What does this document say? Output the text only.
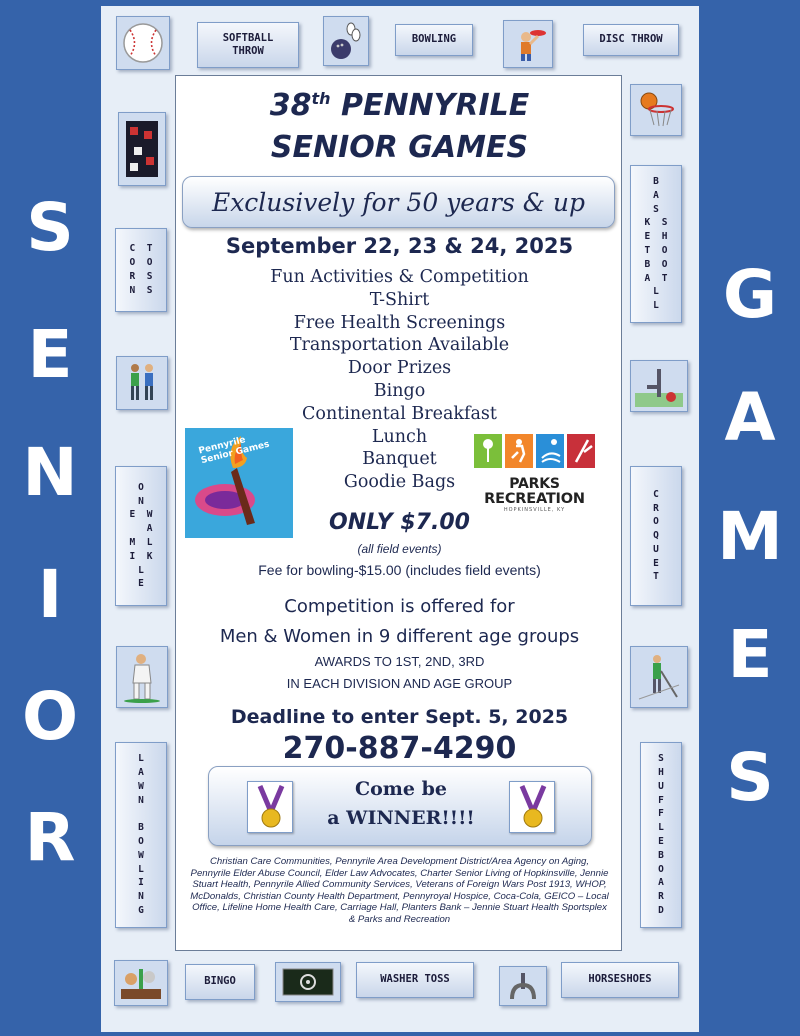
S
E
N
I
O
R
G
A
M
E
S
SOFTBALL
THROW
BOWLING	DISC THROW
C  T
O  O
R  S
N  S
O
N
E  W
A
M  L
I  K
L
E
L
A
W
N

B
O
W
L
I
N
G
B
A
S
K  S
E  H
T  O
B  O
A  T
L
L
C
R
O
Q
U
E
T
S
H
U
F
F
L
E
B
O
A
R
D
BINGO	WASHER TOSS	HORSESHOES
38th PENNYRILE
SENIOR GAMES
Exclusively for 50 years & up
September 22, 23 & 24, 2025
Fun Activities & Competition
T-Shirt
Free Health Screenings
Transportation Available
Door Prizes
Bingo
Continental Breakfast
Lunch
Banquet
Goodie Bags
Pennyrile
Senior Games
PARKS
RECREATION
HOPKINSVILLE, KY
ONLY $7.00
(all field events)
Fee for bowling-$15.00 (includes field events)
Competition is offered for
Men & Women in 9 different age groups
AWARDS TO 1ST, 2ND, 3RD
IN EACH DIVISION AND AGE GROUP
Deadline to enter Sept. 5, 2025
270-887-4290
Come be
a WINNER!!!!
Christian Care Communities, Pennyrile Area Development District/Area Agency on Aging, Pennyrile Elder Abuse Council, Elder Law Advocates, Charter Senior Living of Hopkinsville, Jennie Stuart Health, Pennyrile Allied Community Services, Veterans of Foreign Wars Post 1913, WHOP, McDonalds, Christian County Health Department, Pennyroyal Hospice, Coca-Cola, GEICO – Local Office, Lifeline Home Health Care, Carriage Hall, Planters Bank – Jennie Stuart Health Sportsplex & Parks and Recreation
